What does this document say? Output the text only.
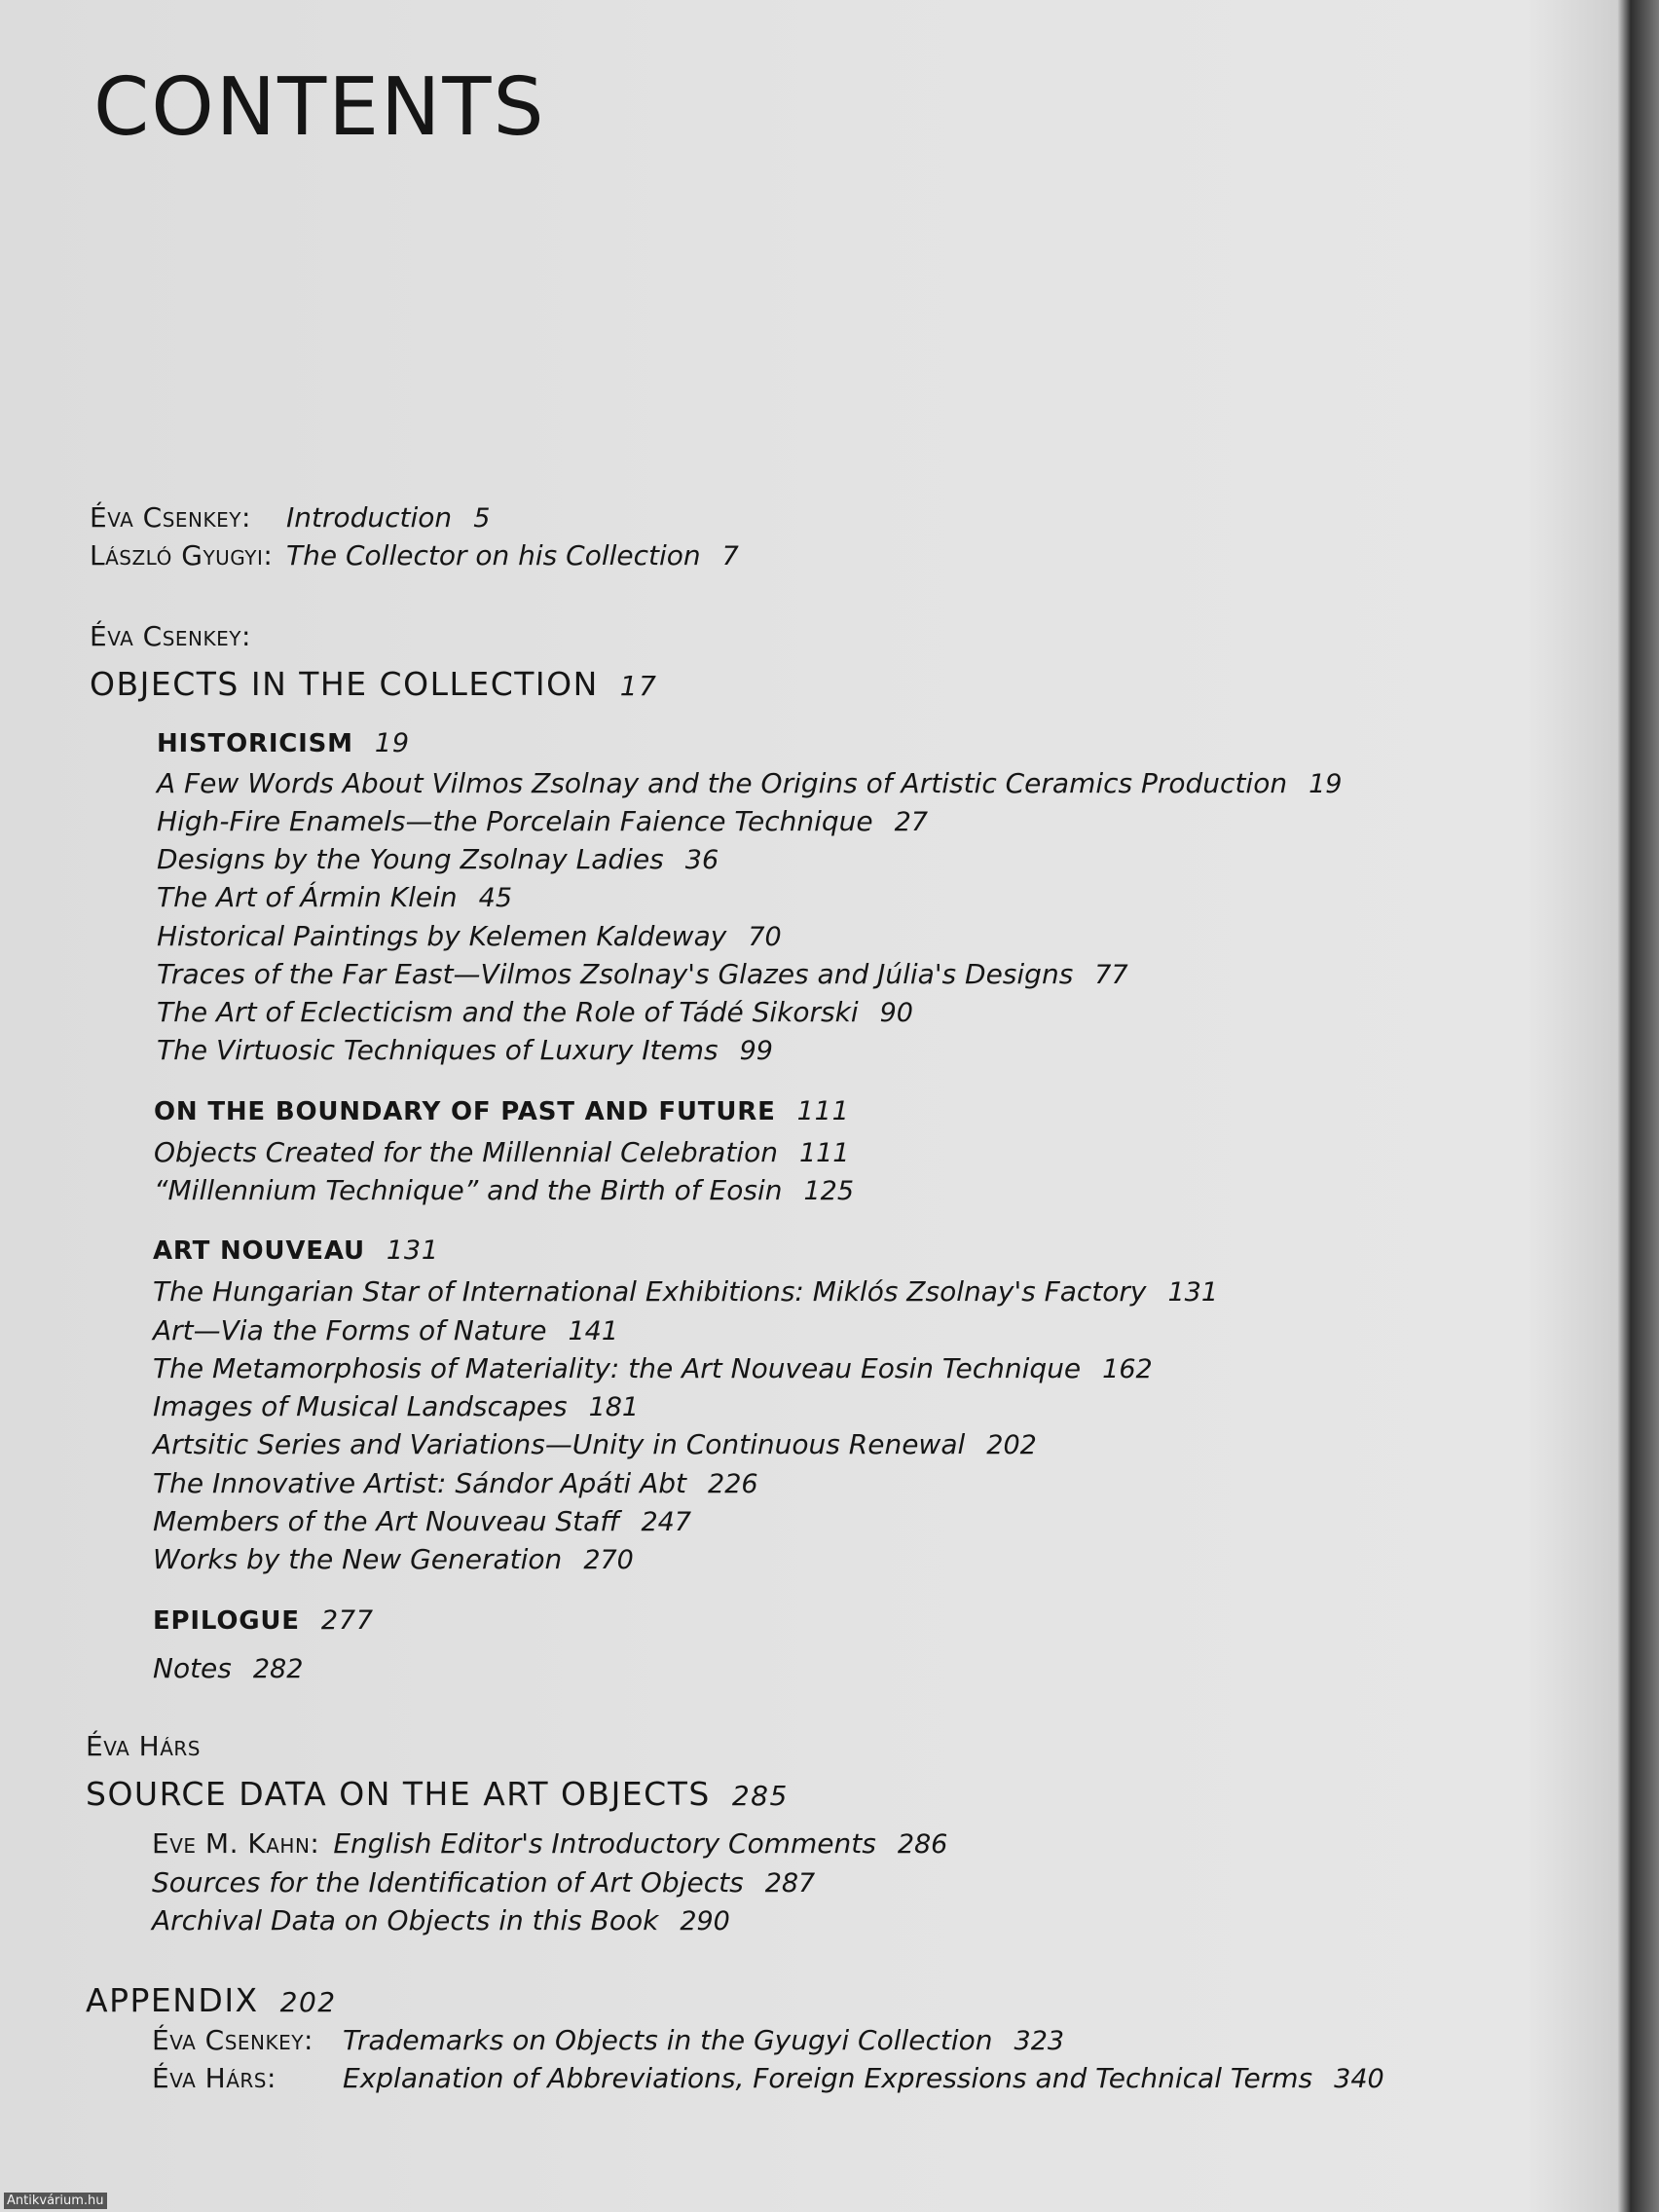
CONTENTS
Éva Csenkey: Introduction 5
László Gyugyi: The Collector on his Collection 7
Éva Csenkey:
OBJECTS IN THE COLLECTION 17
HISTORICISM 19
A Few Words About Vilmos Zsolnay and the Origins of Artistic Ceramics Production 19
High-Fire Enamels—the Porcelain Faience Technique 27
Designs by the Young Zsolnay Ladies 36
The Art of Ármin Klein 45
Historical Paintings by Kelemen Kaldeway 70
Traces of the Far East—Vilmos Zsolnay's Glazes and Júlia's Designs 77
The Art of Eclecticism and the Role of Tádé Sikorski 90
The Virtuosic Techniques of Luxury Items 99
ON THE BOUNDARY OF PAST AND FUTURE 111
Objects Created for the Millennial Celebration 111
“Millennium Technique” and the Birth of Eosin 125
ART NOUVEAU 131
The Hungarian Star of International Exhibitions: Miklós Zsolnay's Factory 131
Art—Via the Forms of Nature 141
The Metamorphosis of Materiality: the Art Nouveau Eosin Technique 162
Images of Musical Landscapes 181
Artsitic Series and Variations—Unity in Continuous Renewal 202
The Innovative Artist: Sándor Apáti Abt 226
Members of the Art Nouveau Staff 247
Works by the New Generation 270
EPILOGUE 277
Notes 282
Éva Hárs
SOURCE DATA ON THE ART OBJECTS 285
Eve M. Kahn: English Editor's Introductory Comments 286
Sources for the Identification of Art Objects 287
Archival Data on Objects in this Book 290
APPENDIX 202
Éva Csenkey: Trademarks on Objects in the Gyugyi Collection 323
Éva Hárs: Explanation of Abbreviations, Foreign Expressions and Technical Terms 340
Antikvárium.hu
